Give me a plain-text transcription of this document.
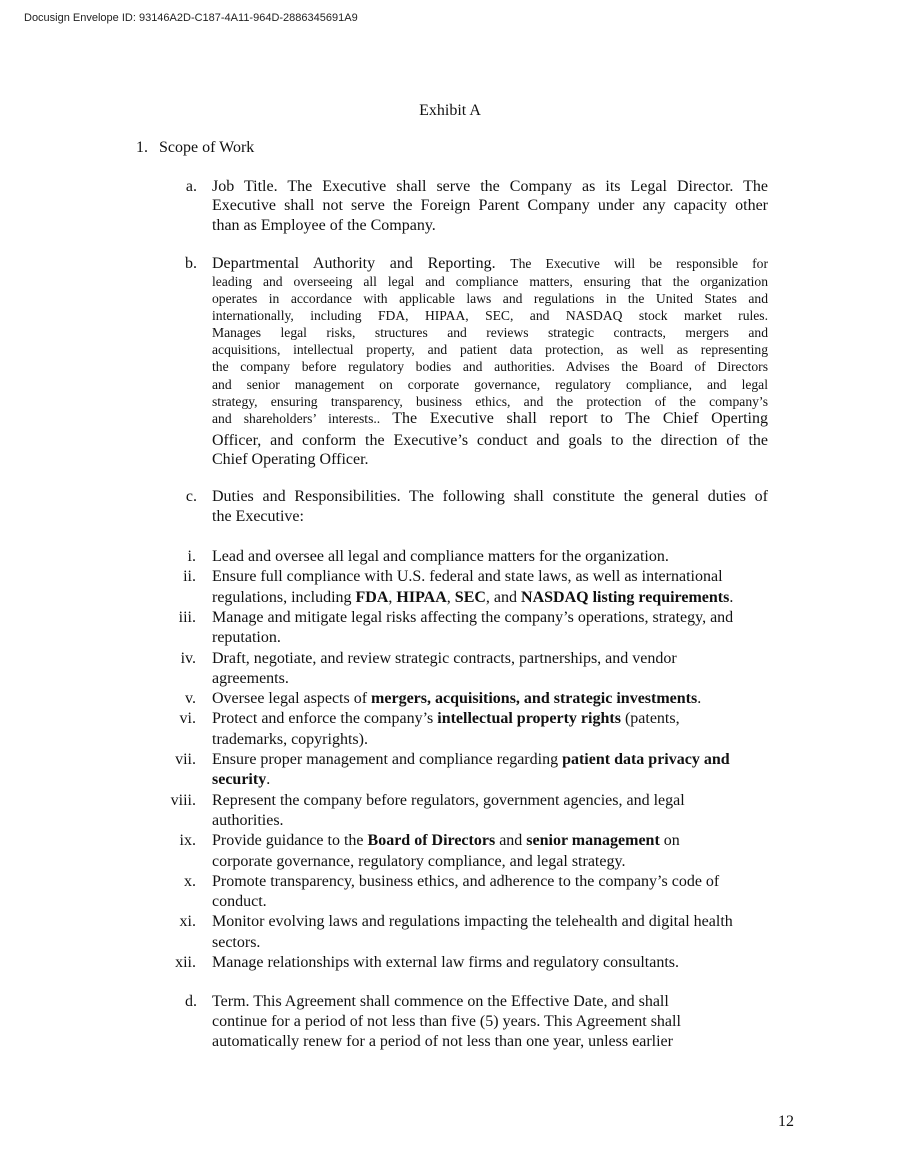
Docusign Envelope ID: 93146A2D-C187-4A11-964D-2886345691A9
Exhibit A
1. Scope of Work
a. Job Title. The Executive shall serve the Company as its Legal Director. The
Executive shall not serve the Foreign Parent Company under any capacity other
than as Employee of the Company.
b. Departmental Authority and Reporting. The Executive will be responsible for
leading and overseeing all legal and compliance matters, ensuring that the organization
operates in accordance with applicable laws and regulations in the United States and
internationally, including FDA, HIPAA, SEC, and NASDAQ stock market rules.
Manages legal risks, structures and reviews strategic contracts, mergers and
acquisitions, intellectual property, and patient data protection, as well as representing
the company before regulatory bodies and authorities. Advises the Board of Directors
and senior management on corporate governance, regulatory compliance, and legal
strategy, ensuring transparency, business ethics, and the protection of the company’s
and shareholders’ interests.. The Executive shall report to The Chief Operting
Officer, and conform the Executive’s conduct and goals to the direction of the
Chief Operating Officer.
c. Duties and Responsibilities. The following shall constitute the general duties of
the Executive:
i. Lead and oversee all legal and compliance matters for the organization.
ii. Ensure full compliance with U.S. federal and state laws, as well as international
regulations, including FDA, HIPAA, SEC, and NASDAQ listing requirements.
iii. Manage and mitigate legal risks affecting the company’s operations, strategy, and
reputation.
iv. Draft, negotiate, and review strategic contracts, partnerships, and vendor
agreements.
v. Oversee legal aspects of mergers, acquisitions, and strategic investments.
vi. Protect and enforce the company’s intellectual property rights (patents,
trademarks, copyrights).
vii. Ensure proper management and compliance regarding patient data privacy and
security.
viii. Represent the company before regulators, government agencies, and legal
authorities.
ix. Provide guidance to the Board of Directors and senior management on
corporate governance, regulatory compliance, and legal strategy.
x. Promote transparency, business ethics, and adherence to the company’s code of
conduct.
xi. Monitor evolving laws and regulations impacting the telehealth and digital health
sectors.
xii. Manage relationships with external law firms and regulatory consultants.
d. Term. This Agreement shall commence on the Effective Date, and shall
continue for a period of not less than five (5) years. This Agreement shall
automatically renew for a period of not less than one year, unless earlier
12
